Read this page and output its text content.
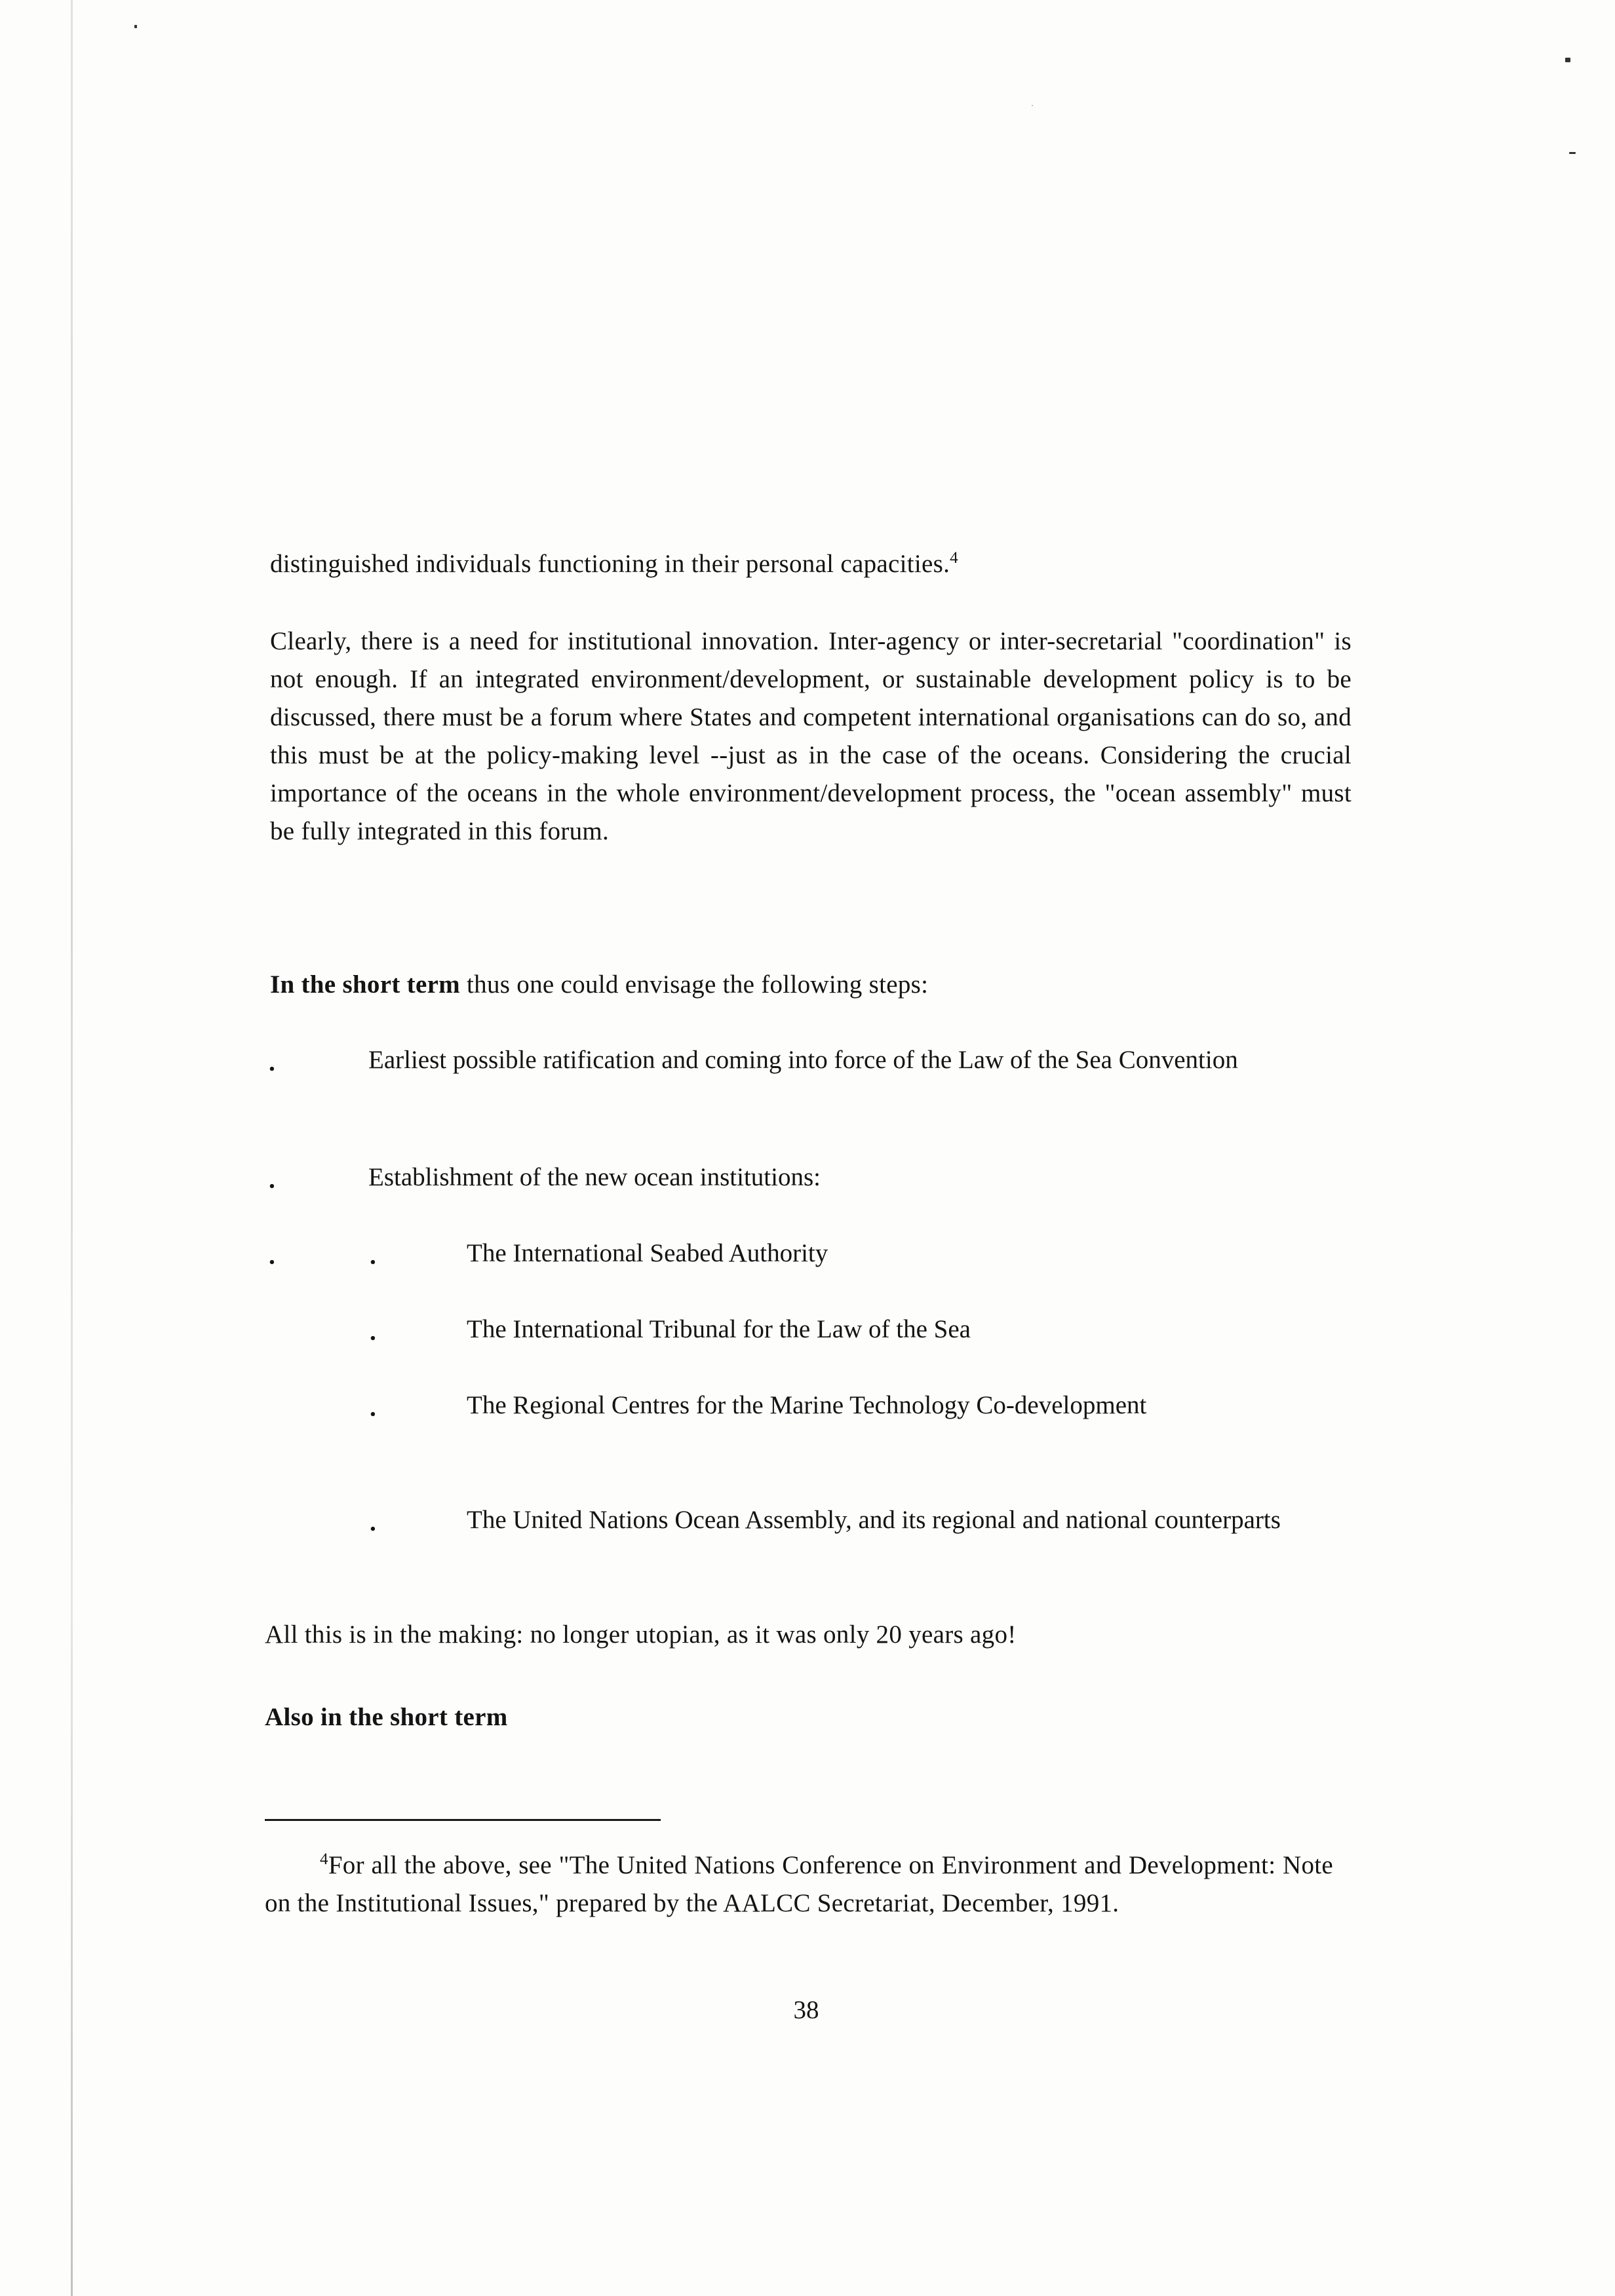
distinguished individuals functioning in their personal capacities.$^4$
Clearly, there is a need for institutional innovation. Inter-agency or inter-secretarial "coordination" is not enough. If an integrated environment/development, or sustainable development policy is to be discussed, there must be a forum where States and competent international organisations can do so, and this must be at the policy-making level --just as in the case of the oceans. Considering the crucial importance of the oceans in the whole environment/development process, the "ocean assembly" must be fully integrated in this forum.
In the short term thus one could envisage the following steps:
.	Earliest possible ratification and coming into force of the Law of the Sea Convention
.	Establishment of the new ocean institutions:
.	.	The International Seabed Authority
.	The International Tribunal for the Law of the Sea
.	The Regional Centres for the Marine Technology Co-development
.	The United Nations Ocean Assembly, and its regional and national counterparts
All this is in the making: no longer utopian, as it was only 20 years ago!
Also in the short term
$^4$For all the above, see "The United Nations Conference on Environment and Development: Note on the Institutional Issues," prepared by the AALCC Secretariat, December, 1991.
38
